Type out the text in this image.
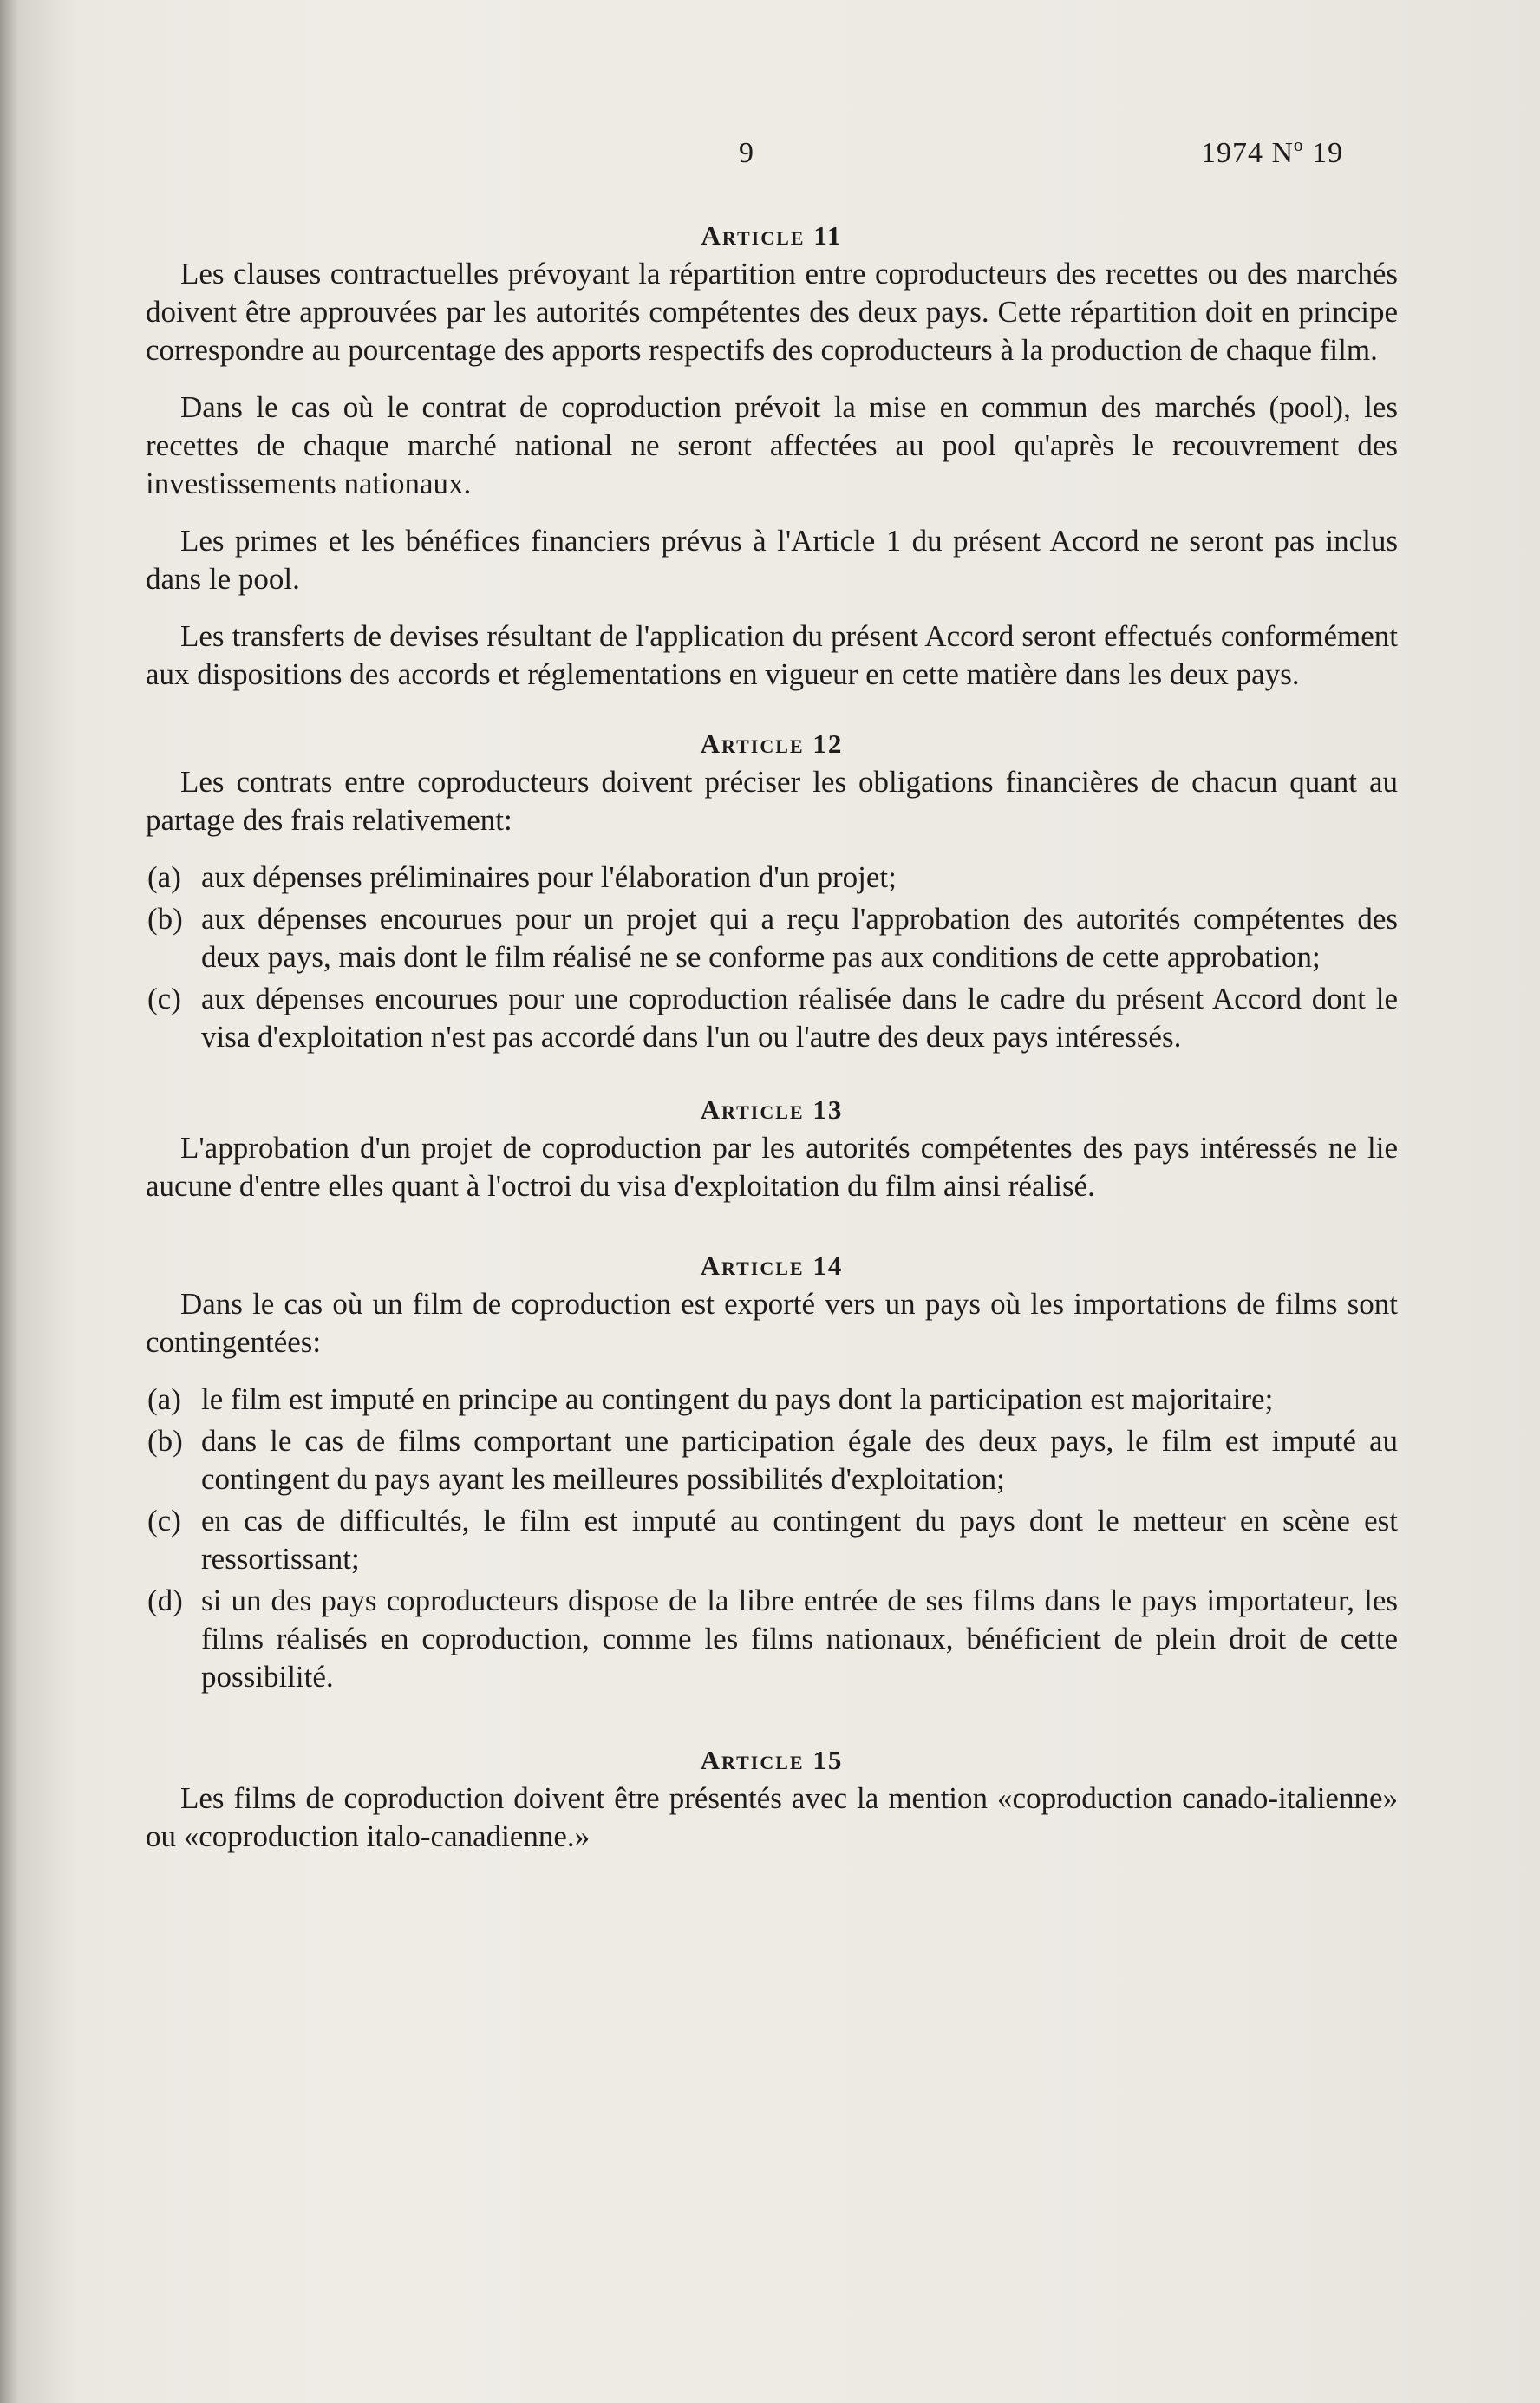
9	1974 Nº 19
Article 11

Les clauses contractuelles prévoyant la répartition entre coproducteurs des recettes ou des marchés doivent être approuvées par les autorités compétentes des deux pays. Cette répartition doit en principe correspondre au pourcentage des apports respectifs des coproducteurs à la production de chaque film.

Dans le cas où le contrat de coproduction prévoit la mise en commun des marchés (pool), les recettes de chaque marché national ne seront affectées au pool qu'après le recouvrement des investissements nationaux.

Les primes et les bénéfices financiers prévus à l'Article 1 du présent Accord ne seront pas inclus dans le pool.

Les transferts de devises résultant de l'application du présent Accord seront effectués conformément aux dispositions des accords et réglementations en vigueur en cette matière dans les deux pays.

Article 12

Les contrats entre coproducteurs doivent préciser les obligations financières de chacun quant au partage des frais relativement:

(a) aux dépenses préliminaires pour l'élaboration d'un projet;
(b) aux dépenses encourues pour un projet qui a reçu l'approbation des autorités compétentes des deux pays, mais dont le film réalisé ne se conforme pas aux conditions de cette approbation;
(c) aux dépenses encourues pour une coproduction réalisée dans le cadre du présent Accord dont le visa d'exploitation n'est pas accordé dans l'un ou l'autre des deux pays intéressés.
Article 13

L'approbation d'un projet de coproduction par les autorités compétentes des pays intéressés ne lie aucune d'entre elles quant à l'octroi du visa d'exploitation du film ainsi réalisé.

Article 14

Dans le cas où un film de coproduction est exporté vers un pays où les importations de films sont contingentées:

(a) le film est imputé en principe au contingent du pays dont la participation est majoritaire;
(b) dans le cas de films comportant une participation égale des deux pays, le film est imputé au contingent du pays ayant les meilleures possibilités d'exploitation;
(c) en cas de difficultés, le film est imputé au contingent du pays dont le metteur en scène est ressortissant;
(d) si un des pays coproducteurs dispose de la libre entrée de ses films dans le pays importateur, les films réalisés en coproduction, comme les films nationaux, bénéficient de plein droit de cette possibilité.
Article 15

Les films de coproduction doivent être présentés avec la mention «coproduction canado-italienne» ou «coproduction italo-canadienne.»
